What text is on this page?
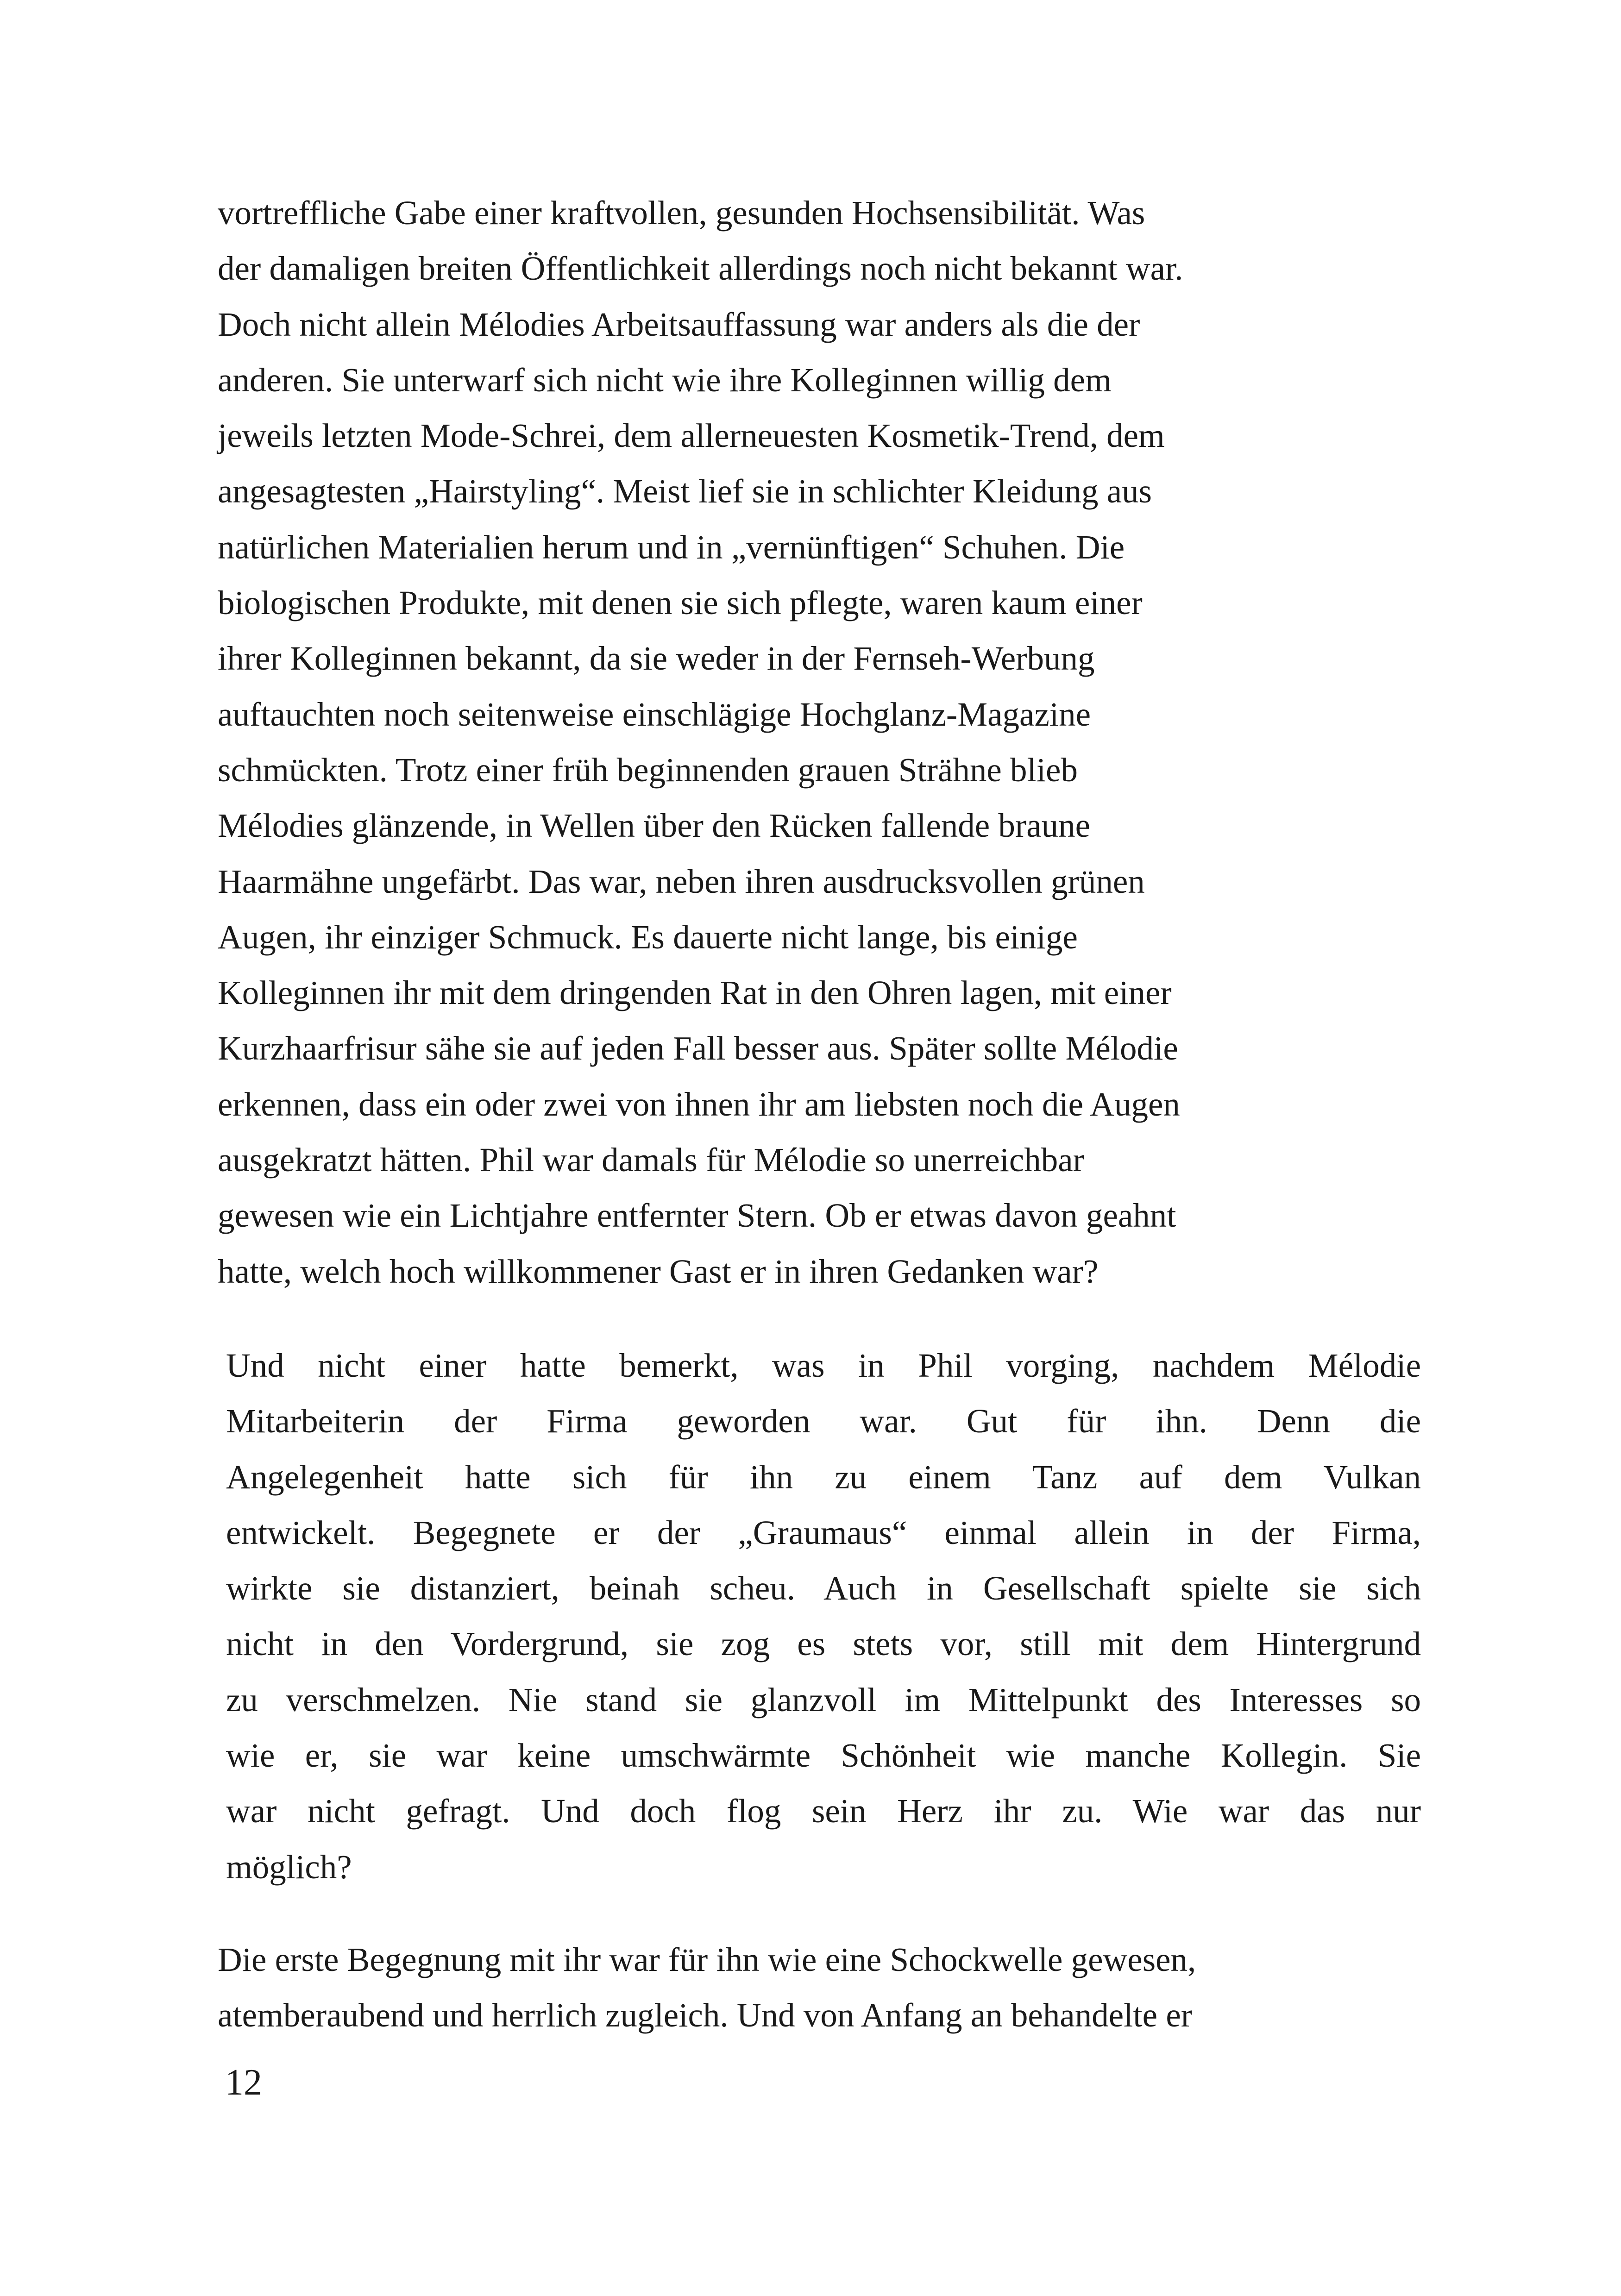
vortreffliche Gabe einer kraftvollen, gesunden Hochsensibilität. Was
der damaligen breiten Öffentlichkeit allerdings noch nicht bekannt war.
Doch nicht allein Mélodies Arbeitsauffassung war anders als die der
anderen. Sie unterwarf sich nicht wie ihre Kolleginnen willig dem
jeweils letzten Mode-Schrei, dem allerneuesten Kosmetik-Trend, dem
angesagtesten „Hairstyling“. Meist lief sie in schlichter Kleidung aus
natürlichen Materialien herum und in „vernünftigen“ Schuhen. Die
biologischen Produkte, mit denen sie sich pflegte, waren kaum einer
ihrer Kolleginnen bekannt, da sie weder in der Fernseh-Werbung
auftauchten noch seitenweise einschlägige Hochglanz-Magazine
schmückten. Trotz einer früh beginnenden grauen Strähne blieb
Mélodies glänzende, in Wellen über den Rücken fallende braune
Haarmähne ungefärbt. Das war, neben ihren ausdrucksvollen grünen
Augen, ihr einziger Schmuck. Es dauerte nicht lange, bis einige
Kolleginnen ihr mit dem dringenden Rat in den Ohren lagen, mit einer
Kurzhaarfrisur sähe sie auf jeden Fall besser aus. Später sollte Mélodie
erkennen, dass ein oder zwei von ihnen ihr am liebsten noch die Augen
ausgekratzt hätten. Phil war damals für Mélodie so unerreichbar
gewesen wie ein Lichtjahre entfernter Stern. Ob er etwas davon geahnt
hatte, welch hoch willkommener Gast er in ihren Gedanken war?

Und nicht einer hatte bemerkt, was in Phil vorging, nachdem Mélodie
Mitarbeiterin der Firma geworden war. Gut für ihn. Denn die
Angelegenheit hatte sich für ihn zu einem Tanz auf dem Vulkan
entwickelt. Begegnete er der „Graumaus“ einmal allein in der Firma,
wirkte sie distanziert, beinah scheu. Auch in Gesellschaft spielte sie sich
nicht in den Vordergrund, sie zog es stets vor, still mit dem Hintergrund
zu verschmelzen. Nie stand sie glanzvoll im Mittelpunkt des Interesses so
wie er, sie war keine umschwärmte Schönheit wie manche Kollegin. Sie
war nicht gefragt. Und doch flog sein Herz ihr zu. Wie war das nur
möglich?

Die erste Begegnung mit ihr war für ihn wie eine Schockwelle gewesen,
atemberaubend und herrlich zugleich. Und von Anfang an behandelte er

12
